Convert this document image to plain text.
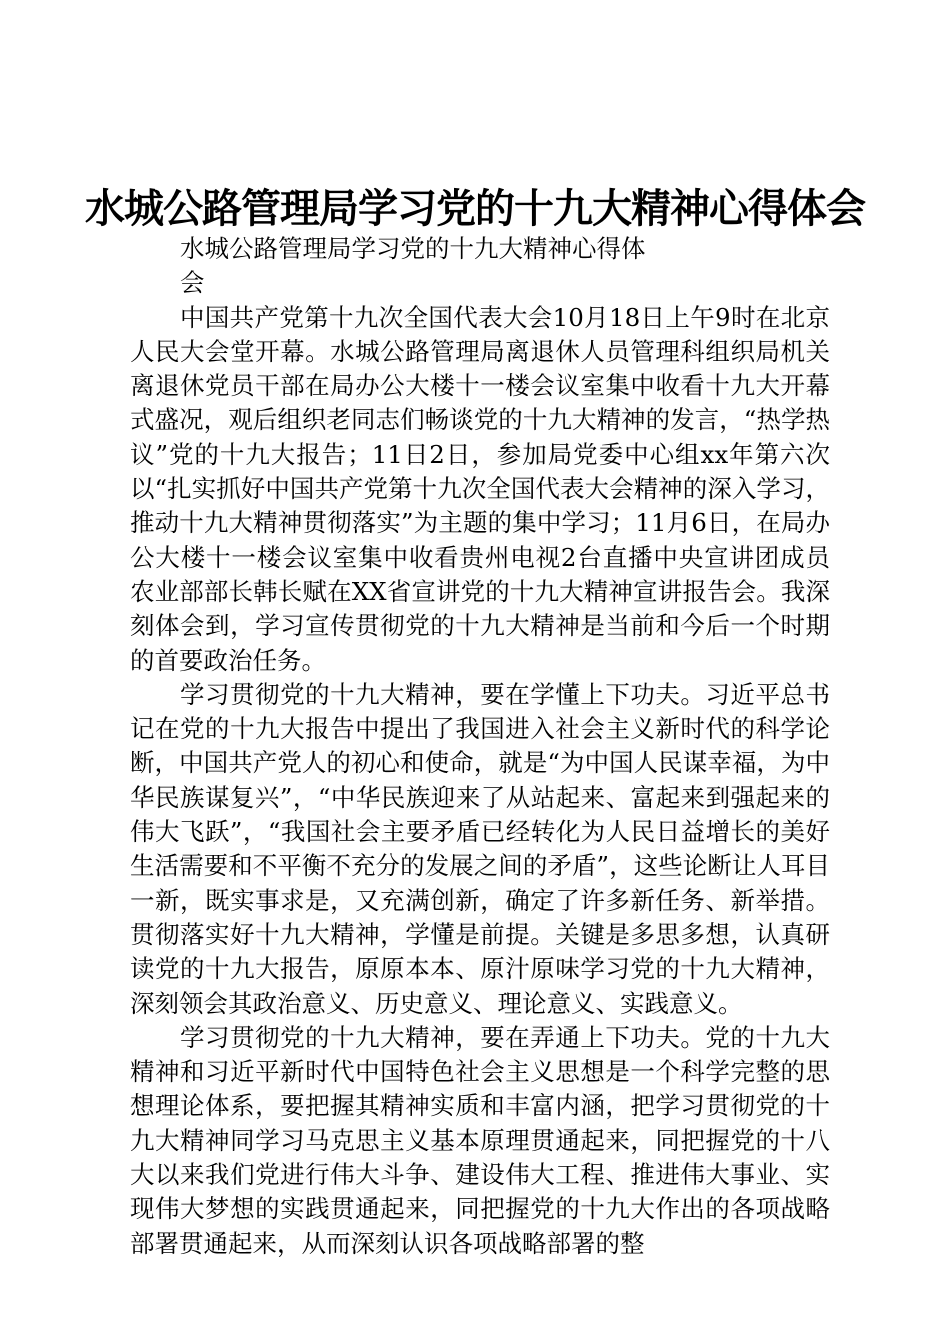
水城公路管理局学习党的十九大精神心得体会

水城公路管理局学习党的十九大精神心得体会

中国共产党第十九次全国代表大会10月18日上午9时在北京人民大会堂开幕。水城公路管理局离退休人员管理科组织局机关离退休党员干部在局办公大楼十一楼会议室集中收看十九大开幕式盛况，观后组织老同志们畅谈党的十九大精神的发言，“热学热议”党的十九大报告；11日2日，参加局党委中心组xx年第六次以“扎实抓好中国共产党第十九次全国代表大会精神的深入学习，推动十九大精神贯彻落实”为主题的集中学习；11月6日，在局办公大楼十一楼会议室集中收看贵州电视2台直播中央宣讲团成员农业部部长韩长赋在XX省宣讲党的十九大精神宣讲报告会。我深刻体会到，学习宣传贯彻党的十九大精神是当前和今后一个时期的首要政治任务。

学习贯彻党的十九大精神，要在学懂上下功夫。习近平总书记在党的十九大报告中提出了我国进入社会主义新时代的科学论断，中国共产党人的初心和使命，就是“为中国人民谋幸福，为中华民族谋复兴”，“中华民族迎来了从站起来、富起来到强起来的伟大飞跃”，“我国社会主要矛盾已经转化为人民日益增长的美好生活需要和不平衡不充分的发展之间的矛盾”，这些论断让人耳目一新，既实事求是，又充满创新，确定了许多新任务、新举措。贯彻落实好十九大精神，学懂是前提。关键是多思多想，认真研读党的十九大报告，原原本本、原汁原味学习党的十九大精神，深刻领会其政治意义、历史意义、理论意义、实践意义。

学习贯彻党的十九大精神，要在弄通上下功夫。党的十九大精神和习近平新时代中国特色社会主义思想是一个科学完整的思想理论体系，要把握其精神实质和丰富内涵，把学习贯彻党的十九大精神同学习马克思主义基本原理贯通起来，同把握党的十八大以来我们党进行伟大斗争、建设伟大工程、推进伟大事业、实现伟大梦想的实践贯通起来，同把握党的十九大作出的各项战略部署贯通起来，从而深刻认识各项战略部署的整
